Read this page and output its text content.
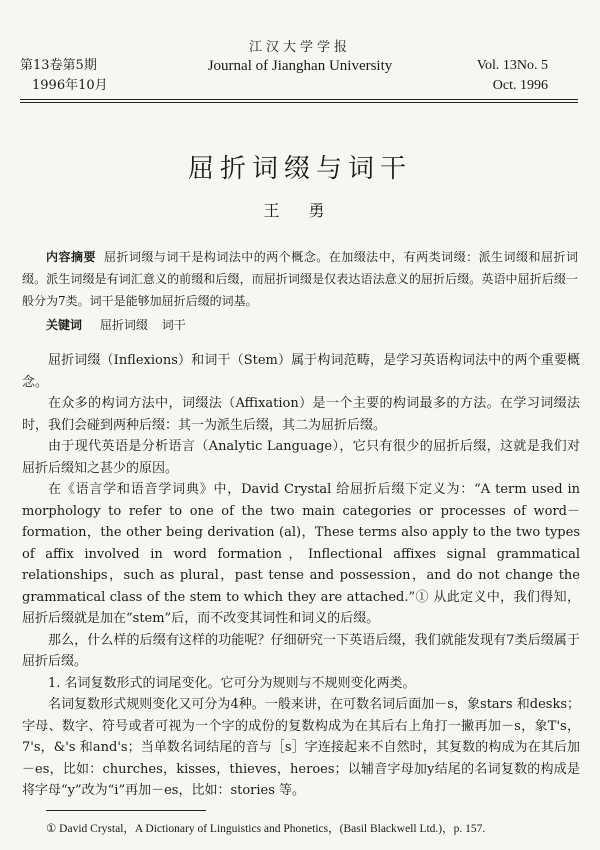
江汉大学学报
第13卷第5期
1996年10月
Journal of Jianghan University	Vol. 13No. 5
Oct. 1996
屈折词缀与词干
王 勇
内容摘要 屈折词缀与词干是构词法中的两个概念。在加缀法中，有两类词缀：派生词缀和屈折词缀。派生词缀是有词汇意义的前缀和后缀，而屈折词缀是仅表达语法意义的屈折后缀。英语中屈折后缀一般分为7类。词干是能够加屈折后缀的词基。
关键词 屈折词缀 词干

屈折词缀（Inflexions）和词干（Stem）属于构词范畴，是学习英语构词法中的两个重要概念。

在众多的构词方法中，词缀法（Affixation）是一个主要的构词最多的方法。在学习词缀法时，我们会碰到两种后缀：其一为派生后缀，其二为屈折后缀。

由于现代英语是分析语言（Analytic Language），它只有很少的屈折后缀，这就是我们对屈折后缀知之甚少的原因。

在《语言学和语音学词典》中，David Crystal 给屈折后缀下定义为：“A term used in morphology to refer to one of the two main categories or processes of word－formation，the other being derivation (al)，These terms also apply to the two types of affix involved in word formation，Inflectional affixes signal grammatical relationships，such as plural，past tense and possession，and do not change the grammatical class of the stem to which they are attached.”① 从此定义中，我们得知，屈折后缀就是加在“stem”后，而不改变其词性和词义的后缀。

那么，什么样的后缀有这样的功能呢？仔细研究一下英语后缀，我们就能发现有7类后缀属于屈折后缀。

1. 名词复数形式的词尾变化。它可分为规则与不规则变化两类。

名词复数形式规则变化又可分为4种。一般来讲，在可数名词后面加－s，象stars 和desks；字母、数字、符号或者可视为一个字的成份的复数构成为在其后右上角打一撇再加－s，象T's，7's，&'s 和and's；当单数名词结尾的音与［s］字连接起来不自然时，其复数的构成为在其后加－es，比如：churches，kisses，thieves，heroes；以辅音字母加y结尾的名词复数的构成是将字母“y”改为“i”再加－es，比如：stories 等。

① David Crystal，A Dictionary of Linguistics and Phonetics，(Basil Blackwell Ltd.)，p. 157.
